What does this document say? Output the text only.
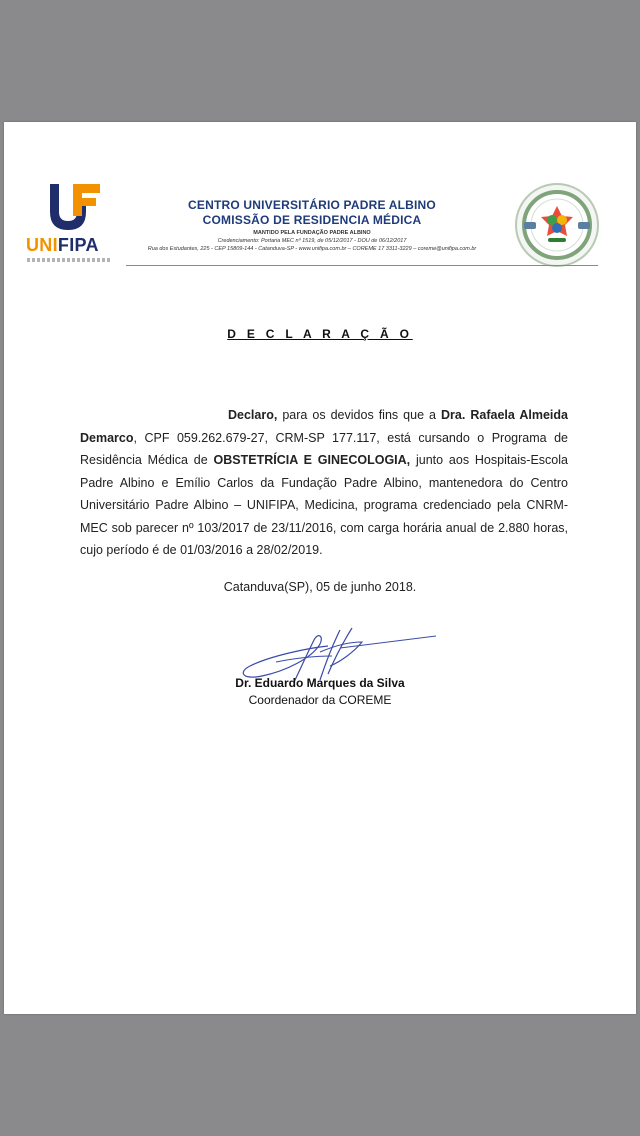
UNIFIPA
CENTRO UNIVERSITÁRIO PADRE ALBINO
COMISSÃO DE RESIDENCIA MÉDICA
MANTIDO PELA FUNDAÇÃO PADRE ALBINO
Credenciamento: Portaria MEC nº 1519, de 05/12/2017 - DOU de 06/12/2017
Rua dos Estudantes, 225 - CEP 15809-144 - Catanduva-SP - www.unifipa.com.br – COREME 17 3311-3229 – coreme@unifipa.com.br
D E C L A R A Ç Ã O

Declaro, para os devidos fins que a Dra. Rafaela Almeida Demarco, CPF 059.262.679-27, CRM-SP 177.117, está cursando o Programa de Residência Médica de OBSTETRÍCIA E GINECOLOGIA, junto aos Hospitais-Escola Padre Albino e Emílio Carlos da Fundação Padre Albino, mantenedora do Centro Universitário Padre Albino – UNIFIPA, Medicina, programa credenciado pela CNRM-MEC sob parecer nº 103/2017 de 23/11/2016, com carga horária anual de 2.880 horas, cujo período é de 01/03/2016 a 28/02/2019.

Catanduva(SP), 05 de junho 2018.
Dr. Eduardo Marques da Silva
Coordenador da COREME
